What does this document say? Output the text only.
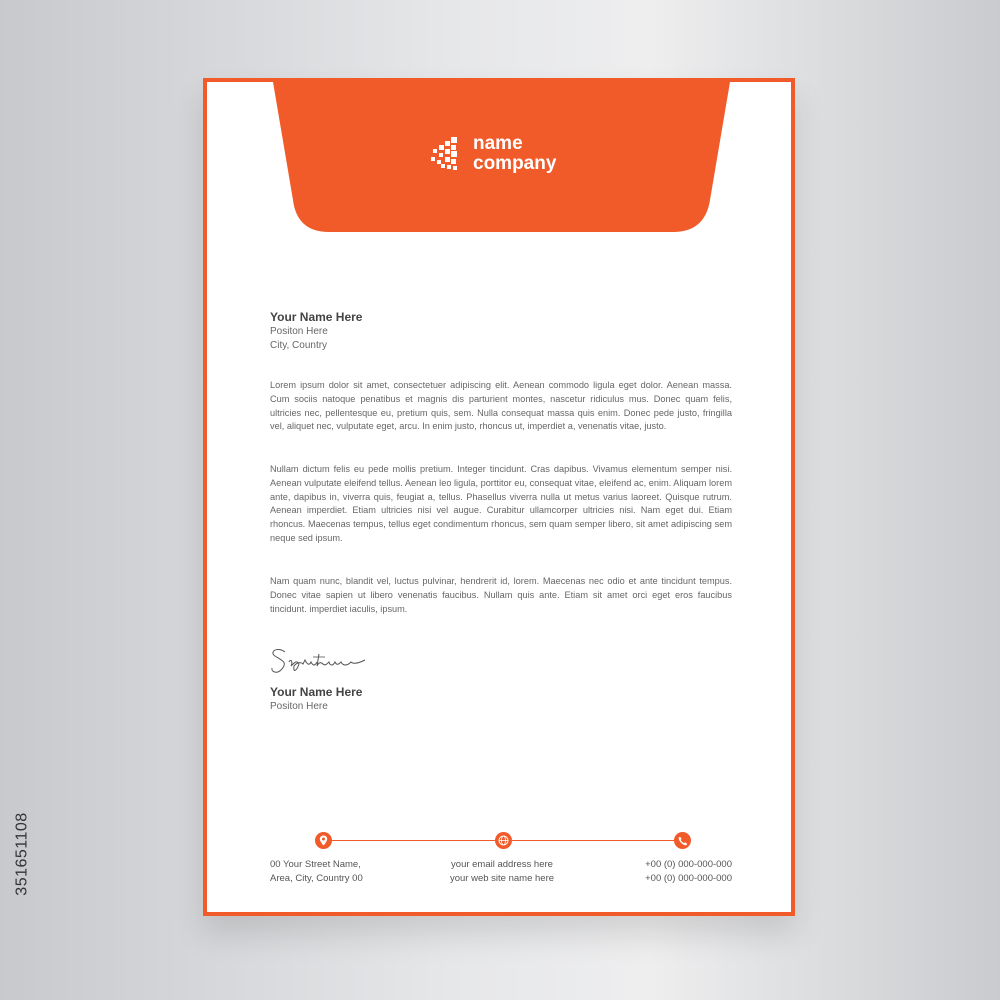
name
company
Your Name Here
Positon Here
City, Country

Lorem ipsum dolor sit amet, consectetuer adipiscing elit. Aenean commodo ligula eget dolor. Aenean massa. Cum sociis natoque penatibus et magnis dis parturient montes, nascetur ridiculus mus. Donec quam felis, ultricies nec, pellentesque eu, pretium quis, sem. Nulla consequat massa quis enim. Donec pede justo, fringilla vel, aliquet nec, vulputate eget, arcu. In enim justo, rhoncus ut, imperdiet a, venenatis vitae, justo.

Nullam dictum felis eu pede mollis pretium. Integer tincidunt. Cras dapibus. Vivamus elementum semper nisi. Aenean vulputate eleifend tellus. Aenean leo ligula, porttitor eu, consequat vitae, eleifend ac, enim. Aliquam lorem ante, dapibus in, viverra quis, feugiat a, tellus. Phasellus viverra nulla ut metus varius laoreet. Quisque rutrum. Aenean imperdiet. Etiam ultricies nisi vel augue. Curabitur ullamcorper ultricies nisi. Nam eget dui. Etiam rhoncus. Maecenas tempus, tellus eget condimentum rhoncus, sem quam semper libero, sit amet adipiscing sem neque sed ipsum.

Nam quam nunc, blandit vel, luctus pulvinar, hendrerit id, lorem. Maecenas nec odio et ante tincidunt tempus. Donec vitae sapien ut libero venenatis faucibus. Nullam quis ante. Etiam sit amet orci eget eros faucibus tincidunt. imperdiet iaculis, ipsum.

Your Name Here
Positon Here
00 Your Street Name,
Area, City, Country 00
your email address here
your web site name here
+00 (0) 000-000-000
+00 (0) 000-000-000
351651108
